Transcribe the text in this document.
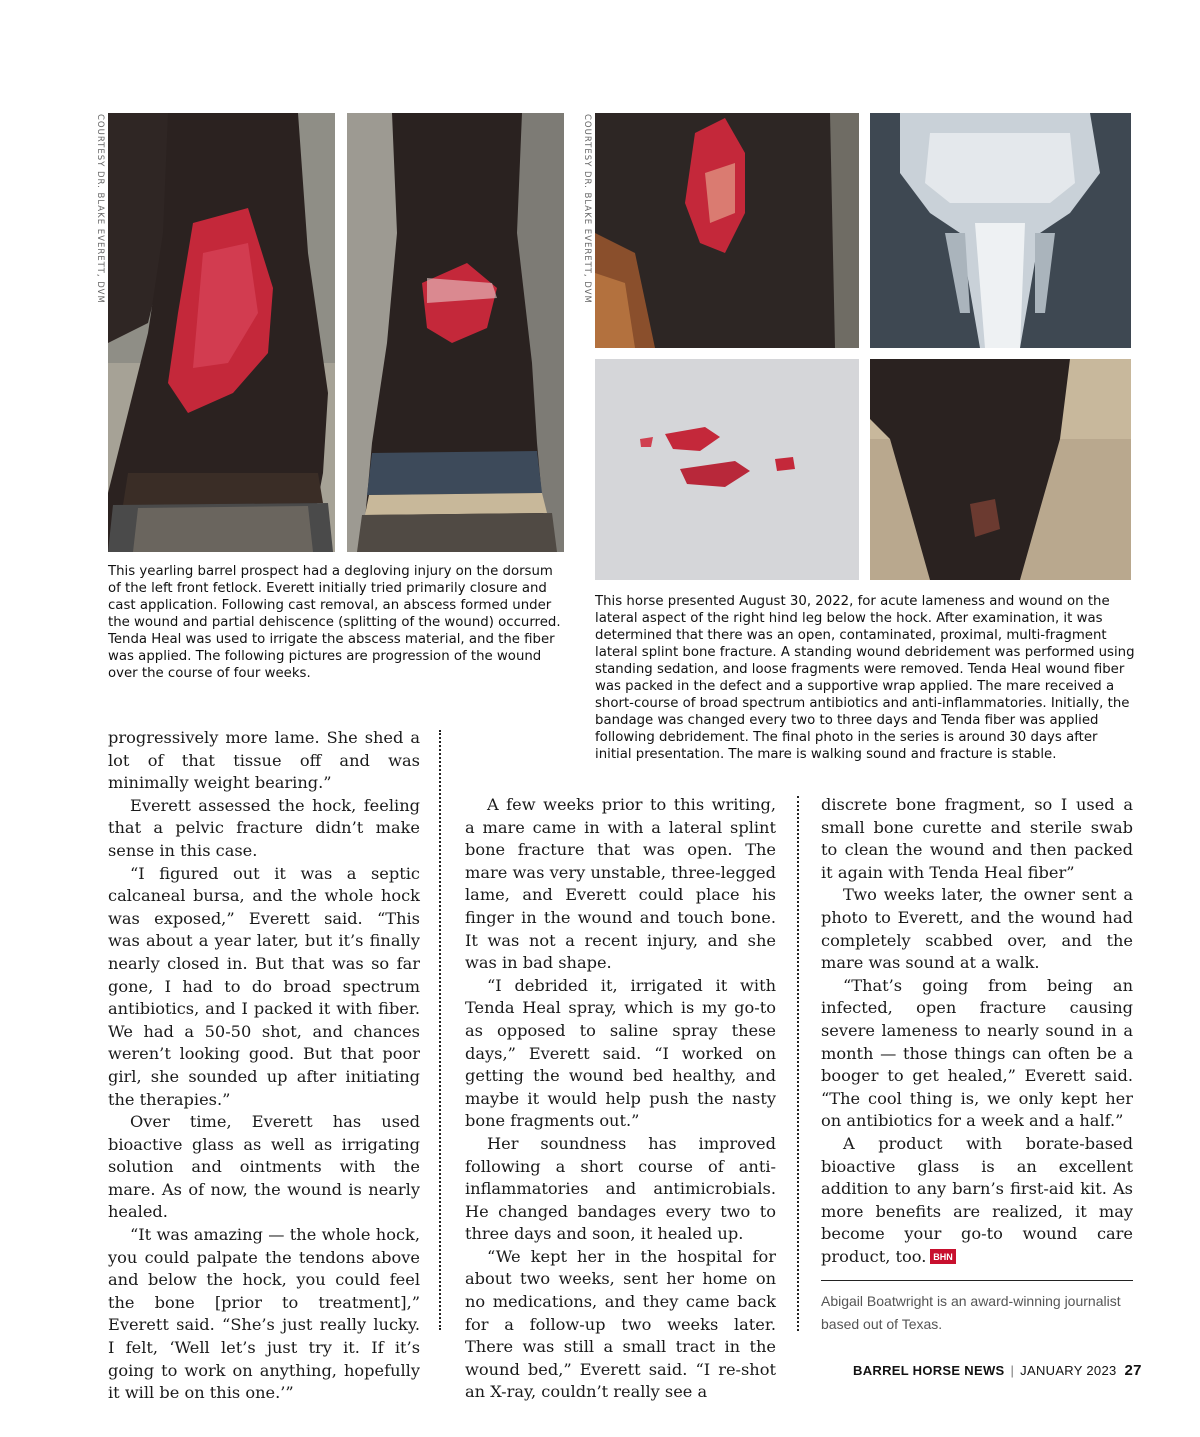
COURTESY DR. BLAKE EVERETT, DVM	COURTESY DR. BLAKE EVERETT, DVM

This yearling barrel prospect had a degloving injury on the dorsum of the left front fetlock. Everett initially tried primarily closure and cast application. Following cast removal, an abscess formed under the wound and partial dehiscence (splitting of the wound) occurred. Tenda Heal was used to irrigate the abscess material, and the fiber was applied. The following pictures are progression of the wound over the course of four weeks.

This horse presented August 30, 2022, for acute lameness and wound on the lateral aspect of the right hind leg below the hock. After examination, it was determined that there was an open, contaminated, proximal, multi-fragment lateral splint bone fracture. A standing wound debridement was performed using standing sedation, and loose fragments were removed. Tenda Heal wound fiber was packed in the defect and a supportive wrap applied. The mare received a short-course of broad spectrum antibiotics and anti-inflammatories. Initially, the bandage was changed every two to three days and Tenda fiber was applied following debridement. The final photo in the series is around 30 days after initial presentation. The mare is walking sound and fracture is stable.

progressively more lame. She shed a lot of that tissue off and was minimally weight bearing.”

Everett assessed the hock, feeling that a pelvic fracture didn’t make sense in this case.

“I figured out it was a septic calcaneal bursa, and the whole hock was exposed,” Everett said. “This was about a year later, but it’s finally nearly closed in. But that was so far gone, I had to do broad spectrum antibiotics, and I packed it with fiber. We had a 50-50 shot, and chances weren’t looking good. But that poor girl, she sounded up after initiating the therapies.”

Over time, Everett has used bioactive glass as well as irrigating solution and ointments with the mare. As of now, the wound is nearly healed.

“It was amazing — the whole hock, you could palpate the tendons above and below the hock, you could feel the bone [prior to treatment],” Everett said. “She’s just really lucky. I felt, ‘Well let’s just try it. If it’s going to work on anything, hopefully it will be on this one.’”

A few weeks prior to this writing, a mare came in with a lateral splint bone fracture that was open. The mare was very unstable, three-legged lame, and Everett could place his finger in the wound and touch bone. It was not a recent injury, and she was in bad shape.

“I debrided it, irrigated it with Tenda Heal spray, which is my go-to as opposed to saline spray these days,” Everett said. “I worked on getting the wound bed healthy, and maybe it would help push the nasty bone fragments out.”

Her soundness has improved following a short course of anti-inflammatories and antimicrobials. He changed bandages every two to three days and soon, it healed up.

“We kept her in the hospital for about two weeks, sent her home on no medications, and they came back for a follow-up two weeks later. There was still a small tract in the wound bed,” Everett said. “I re-shot an X-ray, couldn’t really see a

discrete bone fragment, so I used a small bone curette and sterile swab to clean the wound and then packed it again with Tenda Heal fiber”

Two weeks later, the owner sent a photo to Everett, and the wound had completely scabbed over, and the mare was sound at a walk.

“That’s going from being an infected, open fracture causing severe lameness to nearly sound in a month — those things can often be a booger to get healed,” Everett said. “The cool thing is, we only kept her on antibiotics for a week and a half.”

A product with borate-based bioactive glass is an excellent addition to any barn’s first-aid kit. As more benefits are realized, it may become your go-to wound care product, too. BHN

Abigail Boatwright is an award-winning journalist based out of Texas.
BARREL HORSE NEWS | JANUARY 2023 27
